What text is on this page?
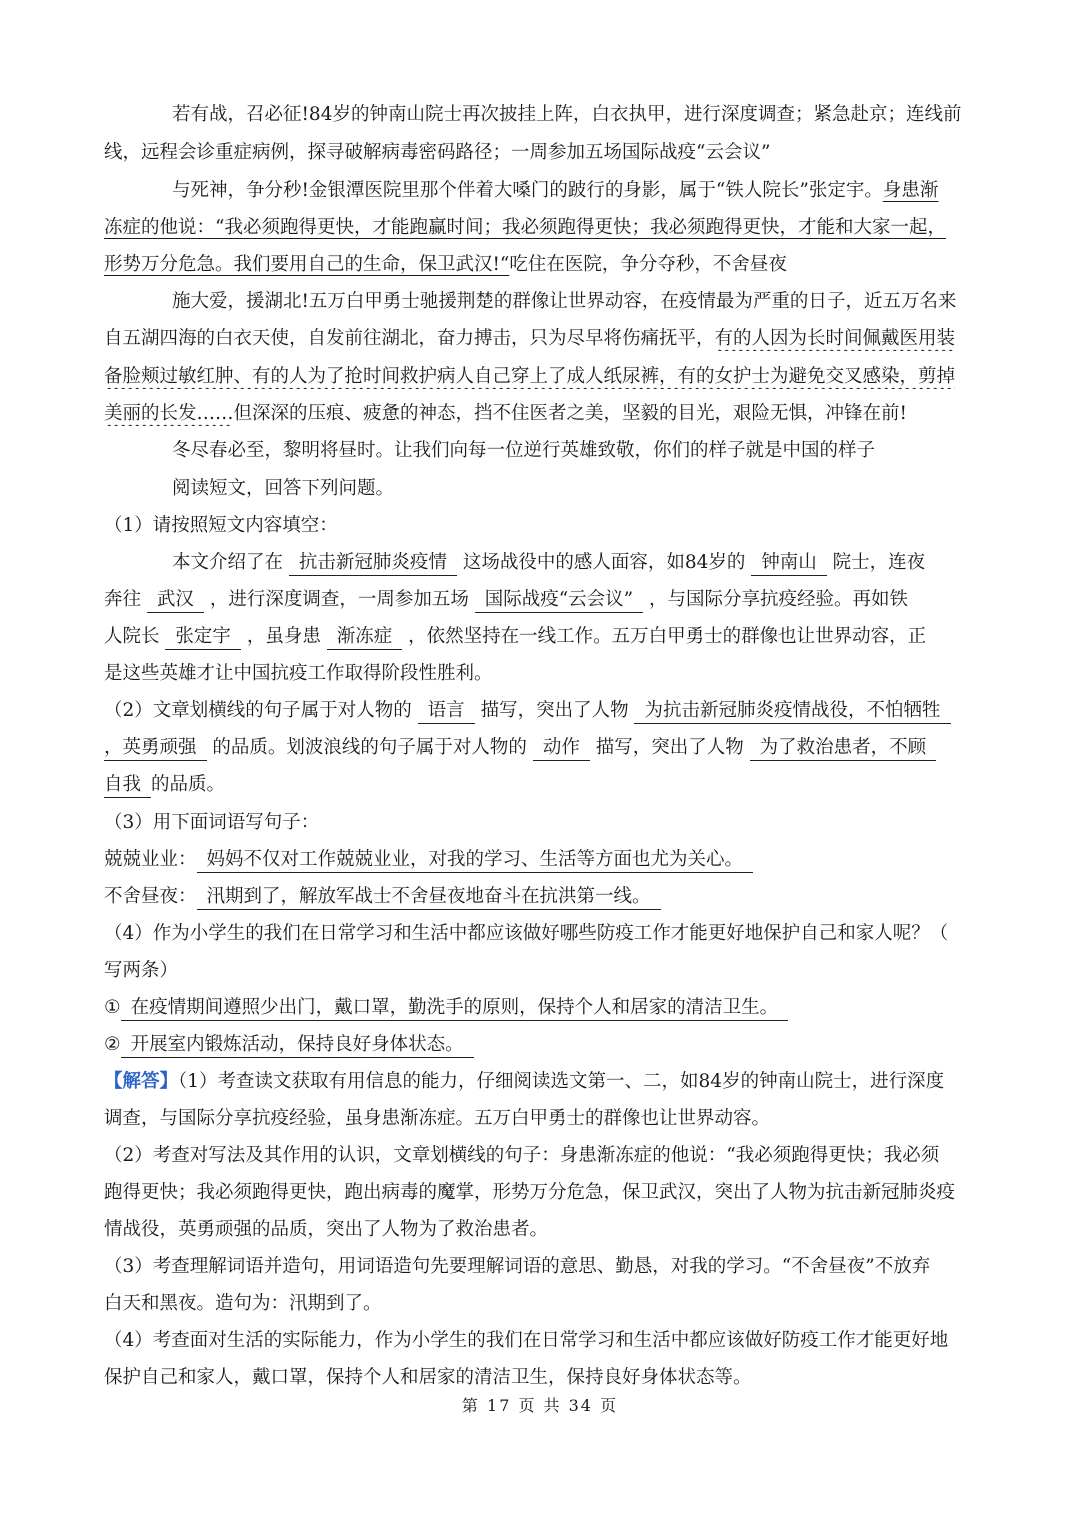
若有战，召必征!84岁的钟南山院士再次披挂上阵，白衣执甲，进行深度调查；紧急赴京；连线前
线，远程会诊重症病例，探寻破解病毒密码路径；一周参加五场国际战疫“云会议”
与死神，争分秒!金银潭医院里那个伴着大嗓门的跛行的身影，属于“铁人院长”张定宇。身患渐
冻症的他说：“我必须跑得更快，才能跑赢时间；我必须跑得更快；我必须跑得更快，才能和大家一起，
形势万分危急。我们要用自己的生命，保卫武汉!“吃住在医院，争分夺秒，不舍昼夜
施大爱，援湖北!五万白甲勇士驰援荆楚的群像让世界动容，在疫情最为严重的日子，近五万名来
自五湖四海的白衣天使，自发前往湖北，奋力搏击，只为尽早将伤痛抚平，有的人因为长时间佩戴医用装
备脸颊过敏红肿、有的人为了抢时间救护病人自己穿上了成人纸尿裤，有的女护士为避免交叉感染，剪掉
美丽的长发……但深深的压痕、疲惫的神态，挡不住医者之美，坚毅的目光，艰险无惧，冲锋在前!
冬尽春必至，黎明将昼时。让我们向每一位逆行英雄致敬，你们的样子就是中国的样子
阅读短文，回答下列问题。
（1）请按照短文内容填空：
本文介绍了在 抗击新冠肺炎疫情 这场战役中的感人面容，如84岁的 钟南山 院士，连夜
奔往 武汉 ，进行深度调查，一周参加五场 国际战疫“云会议” ，与国际分享抗疫经验。再如铁
人院长 张定宇 ，虽身患 渐冻症 ，依然坚持在一线工作。五万白甲勇士的群像也让世界动容，正
是这些英雄才让中国抗疫工作取得阶段性胜利。
（2）文章划横线的句子属于对人物的 语言 描写，突出了人物 为抗击新冠肺炎疫情战役，不怕牺牲
，英勇顽强 的品质。划波浪线的句子属于对人物的 动作 描写，突出了人物 为了救治患者，不顾
自我 的品质。
（3）用下面词语写句子：
兢兢业业： 妈妈不仅对工作兢兢业业，对我的学习、生活等方面也尤为关心。
不舍昼夜： 汛期到了，解放军战士不舍昼夜地奋斗在抗洪第一线。
（4）作为小学生的我们在日常学习和生活中都应该做好哪些防疫工作才能更好地保护自己和家人呢？（
写两条）
① 在疫情期间遵照少出门，戴口罩，勤洗手的原则，保持个人和居家的清洁卫生。
② 开展室内锻炼活动，保持良好身体状态。
【解答】（1）考查读文获取有用信息的能力，仔细阅读选文第一、二，如84岁的钟南山院士，进行深度
调查，与国际分享抗疫经验，虽身患渐冻症。五万白甲勇士的群像也让世界动容。
（2）考查对写法及其作用的认识，文章划横线的句子：身患渐冻症的他说：“我必须跑得更快；我必须
跑得更快；我必须跑得更快，跑出病毒的魔掌，形势万分危急，保卫武汉，突出了人物为抗击新冠肺炎疫
情战役，英勇顽强的品质，突出了人物为了救治患者。
（3）考查理解词语并造句，用词语造句先要理解词语的意思、勤恳，对我的学习。“不舍昼夜”不放弃
白天和黑夜。造句为：汛期到了。
（4）考查面对生活的实际能力，作为小学生的我们在日常学习和生活中都应该做好防疫工作才能更好地
保护自己和家人，戴口罩，保持个人和居家的清洁卫生，保持良好身体状态等。
第 17 页 共 34 页
